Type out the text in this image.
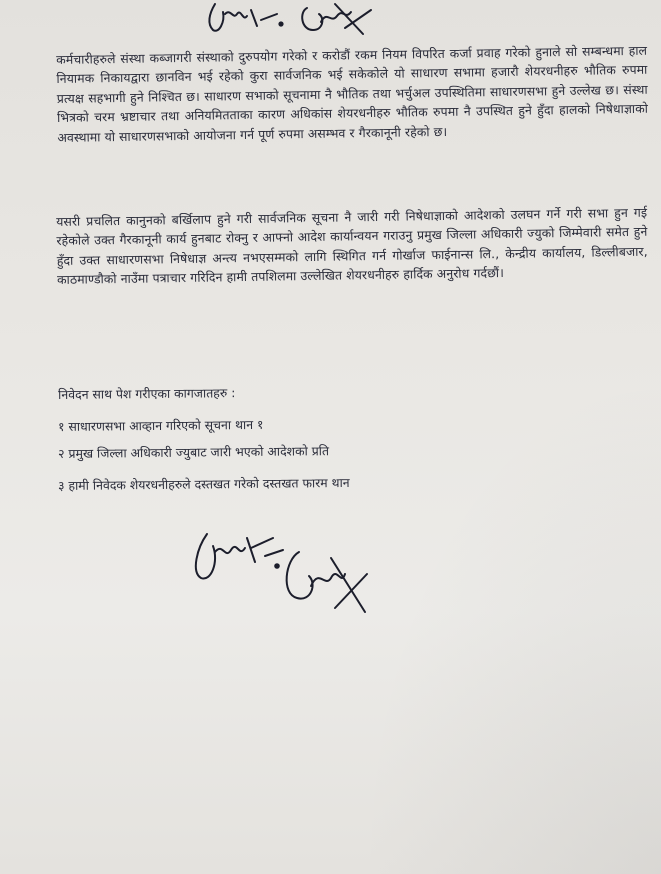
कर्मचारीहरुले संस्था कब्जागरी संस्थाको दुरुपयोग गरेको र करोडौं रकम नियम विपरित कर्जा प्रवाह गरेको हुनाले सो सम्बन्धमा हाल नियामक निकायद्वारा छानविन भई रहेको कुरा सार्वजनिक भई सकेकोले यो साधारण सभामा हजारौ शेयरधनीहरु भौतिक रुपमा प्रत्यक्ष सहभागी हुने निश्चित छ। साधारण सभाको सूचनामा नै भौतिक तथा भर्चुअल उपस्थितिमा साधारणसभा हुने उल्लेख छ। संस्था भित्रको चरम भ्रष्टाचार तथा अनियमितताका कारण अधिकांस शेयरधनीहरु भौतिक रुपमा नै उपस्थित हुने हुँदा हालको निषेधाज्ञाको अवस्थामा यो साधारणसभाको आयोजना गर्न पूर्ण रुपमा असम्भव र गैरकानूनी रहेको छ।
यसरी प्रचलित कानुनको बर्खिलाप हुने गरी सार्वजनिक सूचना नै जारी गरी निषेधाज्ञाको आदेशको उलघन गर्ने गरी सभा हुन गई रहेकोले उक्त गैरकानूनी कार्य हुनबाट रोक्नु र आफ्नो आदेश कार्यान्वयन गराउनु प्रमुख जिल्ला अधिकारी ज्युको जिम्मेवारी समेत हुने हुँदा उक्त साधारणसभा निषेधाज्ञ अन्त्य नभएसम्मको लागि स्थिगित गर्न गोर्खाज फाईनान्स लि., केन्द्रीय कार्यालय, डिल्लीबजार, काठमाण्डौको नाउँमा पत्राचार गरिदिन हामी तपशिलमा उल्लेखित शेयरधनीहरु हार्दिक अनुरोध गर्दछौं।
निवेदन साथ पेश गरीएका कागजातहरु :
१ साधारणसभा आव्हान गरिएको सूचना थान १
२ प्रमुख जिल्ला अधिकारी ज्युबाट जारी भएको आदेशको प्रति
३ हामी निवेदक शेयरधनीहरुले दस्तखत गरेको दस्तखत फारम थान
